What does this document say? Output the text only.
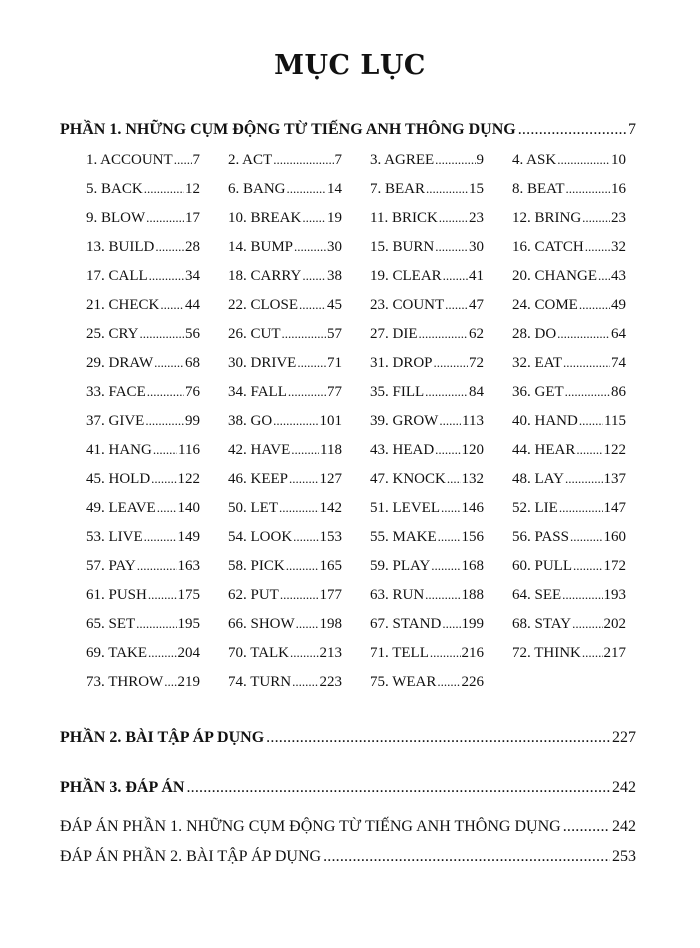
MỤC LỤC
PHẦN 1. NHỮNG CỤM ĐỘNG TỪ TIẾNG ANH THÔNG DỤNG .....	7
1. ACCOUNT ..... 7 2. ACT .....	7 3. AGREE .....	9 4. ASK .....	10
5. BACK .....	12 6. BANG .....	14 7. BEAR .....	15 8. BEAT .....	16
9. BLOW .....	17 10. BREAK ..... 19 11. BRICK ..... 23 12. BRING ..... 23
13. BUILD ..... 28 14. BUMP ..... 30 15. BURN ..... 30 16. CATCH ..... 32
17. CALL ..... 34 18. CARRY ..... 38 19. CLEAR ..... 41 20. CHANGE ..... 43
21. CHECK ..... 44 22. CLOSE ..... 45 23. COUNT ..... 47 24. COME ..... 49
25. CRY .....	56 26. CUT .....	57 27. DIE .....	62 28. DO .....	64
29. DRAW ..... 68 30. DRIVE ..... 71 31. DROP ..... 72 32. EAT .....	74
33. FACE .....	76 34. FALL .....	77 35. FILL .....	84 36. GET .....	86
37. GIVE .....	99 38. GO .....	101 39. GROW ..... 113 40. HAND ..... 115
41. HANG ..... 116 42. HAVE ..... 118 43. HEAD ..... 120 44. HEAR ..... 122
45. HOLD ..... 122 46. KEEP ..... 127 47. KNOCK ..... 132 48. LAY .....	137
49. LEAVE ..... 140 50. LET .....	142 51. LEVEL ..... 146 52. LIE .....	147
53. LIVE ..... 149 54. LOOK ..... 153 55. MAKE ..... 156 56. PASS ..... 160
57. PAY .....	163 58. PICK ..... 165 59. PLAY ..... 168 60. PULL ..... 172
61. PUSH ..... 175 62. PUT .....	177 63. RUN ..... 188 64. SEE .....	193
65. SET .....	195 66. SHOW ..... 198 67. STAND ..... 199 68. STAY ..... 202
69. TAKE ..... 204 70. TALK ..... 213 71. TELL ..... 216 72. THINK ..... 217
73. THROW ..... 219 74. TURN ..... 223 75. WEAR ..... 226
PHẦN 2. BÀI TẬP ÁP DỤNG .....	227
PHẦN 3. ĐÁP ÁN .....	242
ĐÁP ÁN PHẦN 1. NHỮNG CỤM ĐỘNG TỪ TIẾNG ANH THÔNG DỤNG .....	242
ĐÁP ÁN PHẦN 2. BÀI TẬP ÁP DỤNG .....	253
